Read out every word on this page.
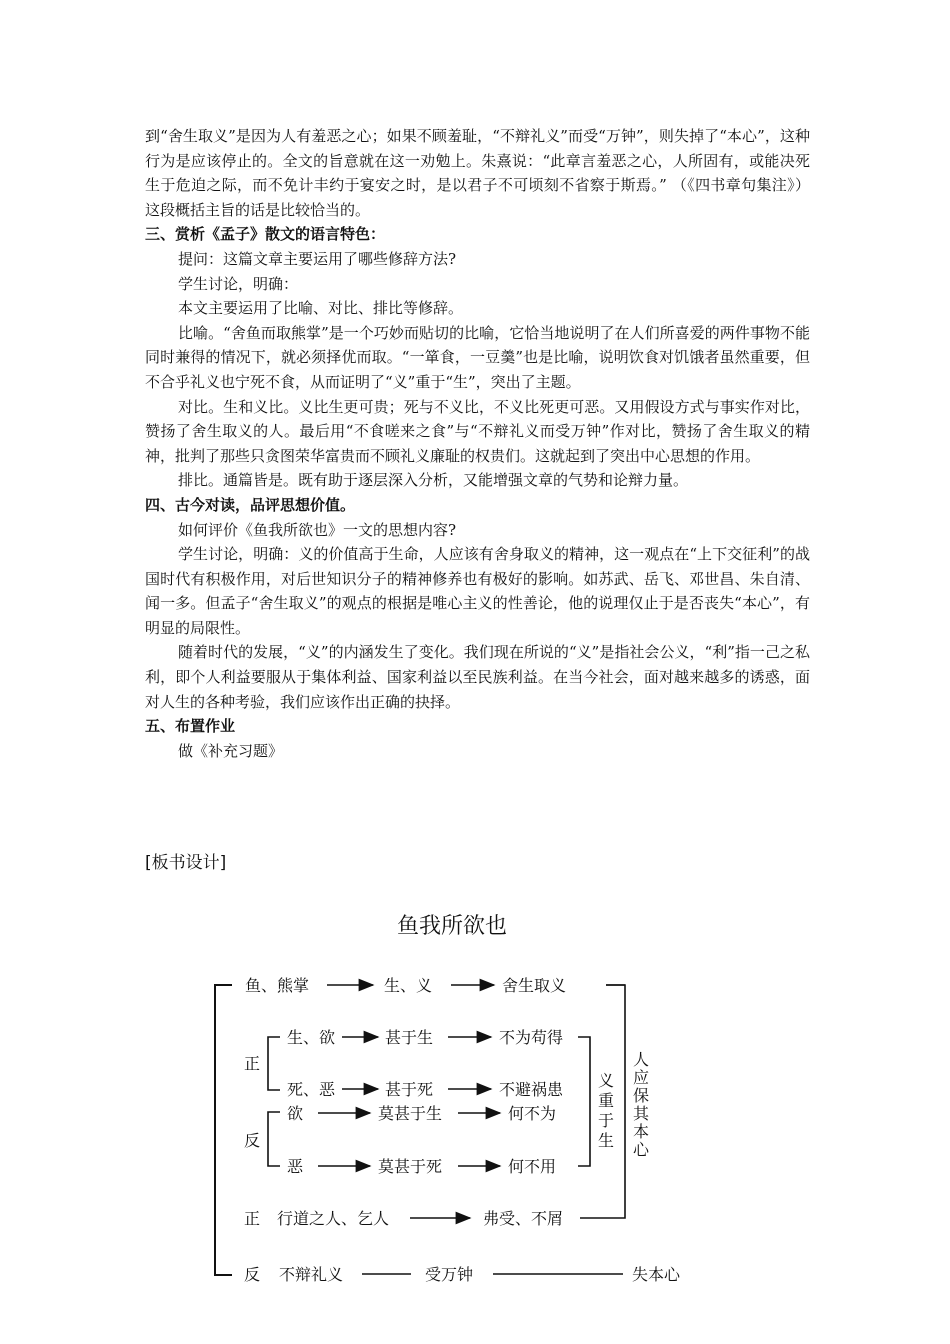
到“舍生取义”是因为人有羞恶之心；如果不顾羞耻，“不辩礼义”而受“万钟”，则失掉了“本心”，这种行为是应该停止的。全文的旨意就在这一劝勉上。朱熹说：“此章言羞恶之心，人所固有，或能决死生于危迫之际，而不免计丰约于宴安之时，是以君子不可顷刻不省察于斯焉。” （《四书章句集注》） 这段概括主旨的话是比较恰当的。

三、赏析《孟子》散文的语言特色：

提问：这篇文章主要运用了哪些修辞方法?

学生讨论，明确：

本文主要运用了比喻、对比、排比等修辞。

比喻。“舍鱼而取熊掌”是一个巧妙而贴切的比喻，它恰当地说明了在人们所喜爱的两件事物不能同时兼得的情况下，就必须择优而取。“一箪食，一豆羹”也是比喻，说明饮食对饥饿者虽然重要，但不合乎礼义也宁死不食，从而证明了“义”重于“生”，突出了主题。

对比。生和义比。义比生更可贵；死与不义比，不义比死更可恶。又用假设方式与事实作对比，赞扬了舍生取义的人。最后用“不食嗟来之食”与“不辩礼义而受万钟”作对比，赞扬了舍生取义的精神，批判了那些只贪图荣华富贵而不顾礼义廉耻的权贵们。这就起到了突出中心思想的作用。

排比。通篇皆是。既有助于逐层深入分析，又能增强文章的气势和论辩力量。

四、古今对读，品评思想价值。

如何评价《鱼我所欲也》一文的思想内容?

学生讨论，明确：义的价值高于生命，人应该有舍身取义的精神，这一观点在“上下交征利”的战国时代有积极作用，对后世知识分子的精神修养也有极好的影响。如苏武、岳飞、邓世昌、朱自清、闻一多。但孟子“舍生取义”的观点的根据是唯心主义的性善论，他的说理仅止于是否丧失“本心”，有明显的局限性。

随着时代的发展，“义”的内涵发生了变化。我们现在所说的“义”是指社会公义，“利”指一己之私利，即个人利益要服从于集体利益、国家利益以至民族利益。在当今社会，面对越来越多的诱惑，面对人生的各种考验，我们应该作出正确的抉择。

五、布置作业

做《补充习题》

[板书设计]
鱼我所欲也
鱼、熊掌	生、义	舍生取义
正
生、欲	甚于生	不为苟得
死、恶	甚于死	不避祸患
反
欲	莫甚于生	何不为
恶	莫甚于死	何不用
义
重
于
生
人
应
保
其
本
心
正 行道之人、乞人	弗受、不屑
反 不辩礼义	受万钟	失本心
